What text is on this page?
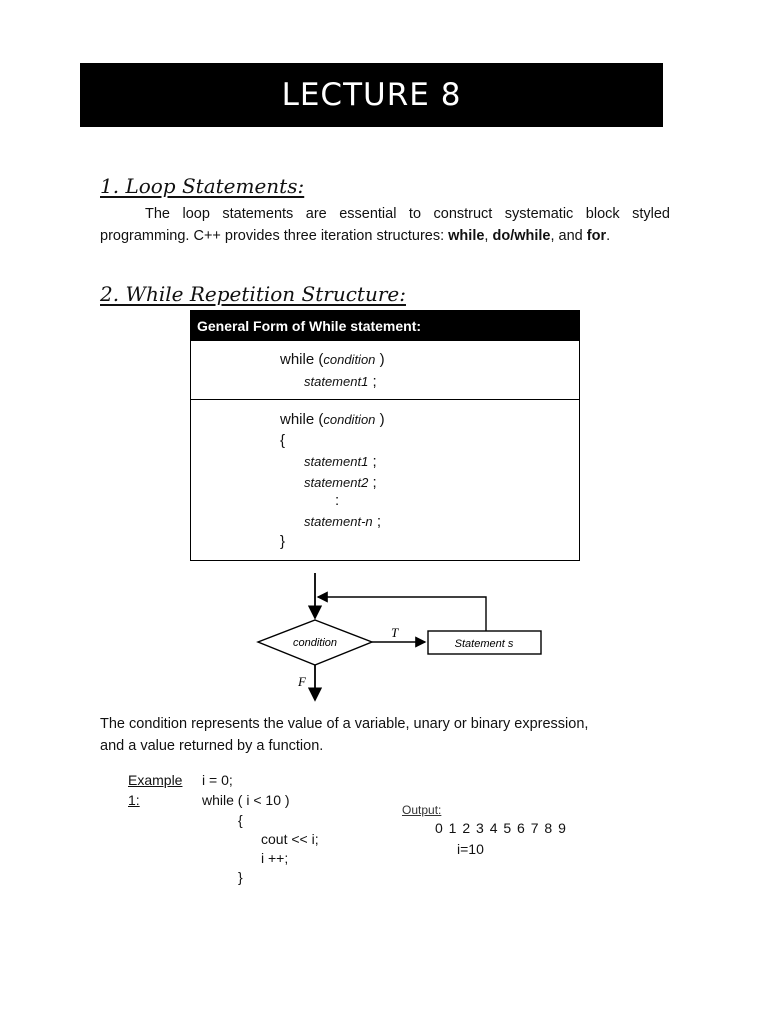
LECTURE 8
1. Loop Statements:
The loop statements are essential to construct systematic block styled
programming. C++ provides three iteration structures: while, do/while, and for.
2. While Repetition Structure:
General Form of While statement:
while (condition )
statement1 ;
while (condition )
{
statement1 ;
statement2 ;
:
statement-n ;
}
condition
T
Statement s
F
The condition represents the value of a variable, unary or binary expression,
and a value returned by a function.
Example
1:
i = 0;
while ( i < 10 )
{
cout << i;
i ++;
}
Output:
0 1 2 3 4 5 6 7 8 9
i=10
